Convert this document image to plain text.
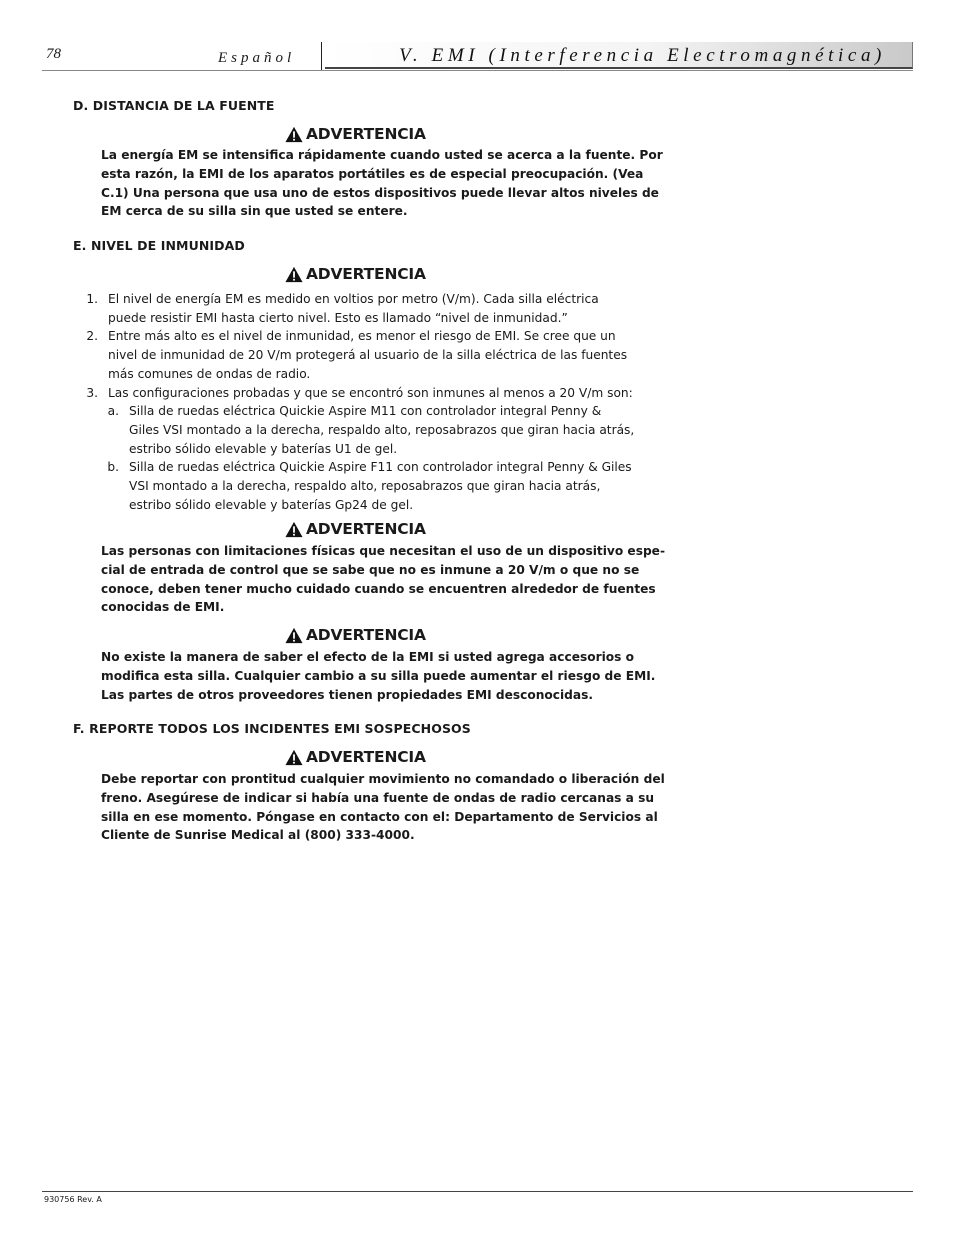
78	Español	V. EMI (Interferencia Electromagnética)
D. DISTANCIA DE LA FUENTE
ADVERTENCIA
La energía EM se intensifica rápidamente cuando usted se acerca a la fuente. Por
esta razón, la EMI de los aparatos portátiles es de especial preocupación. (Vea
C.1) Una persona que usa uno de estos dispositivos puede llevar altos niveles de
EM cerca de su silla sin que usted se entere.
E. NIVEL DE INMUNIDAD
ADVERTENCIA
1. El nivel de energía EM es medido en voltios por metro (V/m). Cada silla eléctrica
puede resistir EMI hasta cierto nivel. Esto es llamado “nivel de inmunidad.”
2. Entre más alto es el nivel de inmunidad, es menor el riesgo de EMI. Se cree que un
nivel de inmunidad de 20 V/m protegerá al usuario de la silla eléctrica de las fuentes
más comunes de ondas de radio.
3. Las configuraciones probadas y que se encontró son inmunes al menos a 20 V/m son:
a. Silla de ruedas eléctrica Quickie Aspire M11 con controlador integral Penny &
Giles VSI montado a la derecha, respaldo alto, reposabrazos que giran hacia atrás,
estribo sólido elevable y baterías U1 de gel.
b. Silla de ruedas eléctrica Quickie Aspire F11 con controlador integral Penny & Giles
VSI montado a la derecha, respaldo alto, reposabrazos que giran hacia atrás,
estribo sólido elevable y baterías Gp24 de gel.
ADVERTENCIA
Las personas con limitaciones físicas que necesitan el uso de un dispositivo espe-
cial de entrada de control que se sabe que no es inmune a 20 V/m o que no se
conoce, deben tener mucho cuidado cuando se encuentren alrededor de fuentes
conocidas de EMI.
ADVERTENCIA
No existe la manera de saber el efecto de la EMI si usted agrega accesorios o
modifica esta silla. Cualquier cambio a su silla puede aumentar el riesgo de EMI.
Las partes de otros proveedores tienen propiedades EMI desconocidas.
F. REPORTE TODOS LOS INCIDENTES EMI SOSPECHOSOS
ADVERTENCIA
Debe reportar con prontitud cualquier movimiento no comandado o liberación del
freno. Asegúrese de indicar si había una fuente de ondas de radio cercanas a su
silla en ese momento. Póngase en contacto con el: Departamento de Servicios al
Cliente de Sunrise Medical al (800) 333-4000.
930756 Rev. A
